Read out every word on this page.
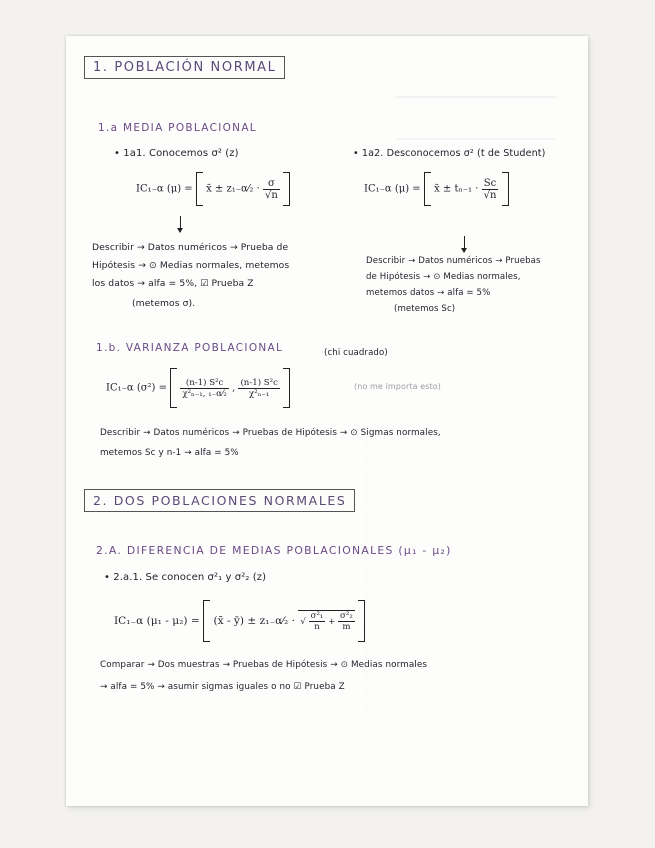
1. POBLACIÓN NORMAL
1.a MEDIA POBLACIONAL
• 1a1. Conocemos σ² (z)	• 1a2. Desconocemos σ² (t de Student)
IC₁₋α (μ) = x̄ ± z₁₋α⁄₂ · $\frac{\sigma}{√n}$
	IC₁₋α (μ) = x̄ ± $t_{n-1} \cdot \frac{Sc}{√n}$

Describir → Datos numéricos → Prueba de
Hipótesis → ⊙ Medias normales, metemos
los datos → alfa = 5%, ☑ Prueba Z
(metemos σ).
Describir → Datos numéricos → Pruebas
de Hipótesis → ⊙ Medias normales,
metemos datos → alfa = 5%
(metemos Sc)
1.b. VARIANZA POBLACIONAL	(chi cuadrado)
IC₁₋α $(\sigma^2) = \frac{\text{(n-1) S²c}}{\text{χ²ₙ₋₁, ₁₋α⁄₂}}$ , $\frac{\text{(n-1) S²c}}{\text{χ²ₙ₋₁}}$
	(no me importa esto)
Describir → Datos numéricos → Pruebas de Hipótesis → ⊙ Sigmas normales,
metemos Sc y n-1 → alfa = 5%
2. DOS POBLACIONES NORMALES
2.A. DIFERENCIA DE MEDIAS POBLACIONALES (μ₁ - μ₂)
• 2.a.1. Se conocen σ²₁ y σ²₂ (z)
IC₁₋α (μ₁ - μ₂) = (x̄ - ȳ) ± z₁₋α⁄₂ · √ $\frac{\text{σ²₁}}{n} + \frac{\text{σ²₂}}{m}$

Comparar → Dos muestras → Pruebas de Hipótesis → ⊙ Medias normales
→ alfa = 5% → asumir sigmas iguales o no ☑ Prueba Z
